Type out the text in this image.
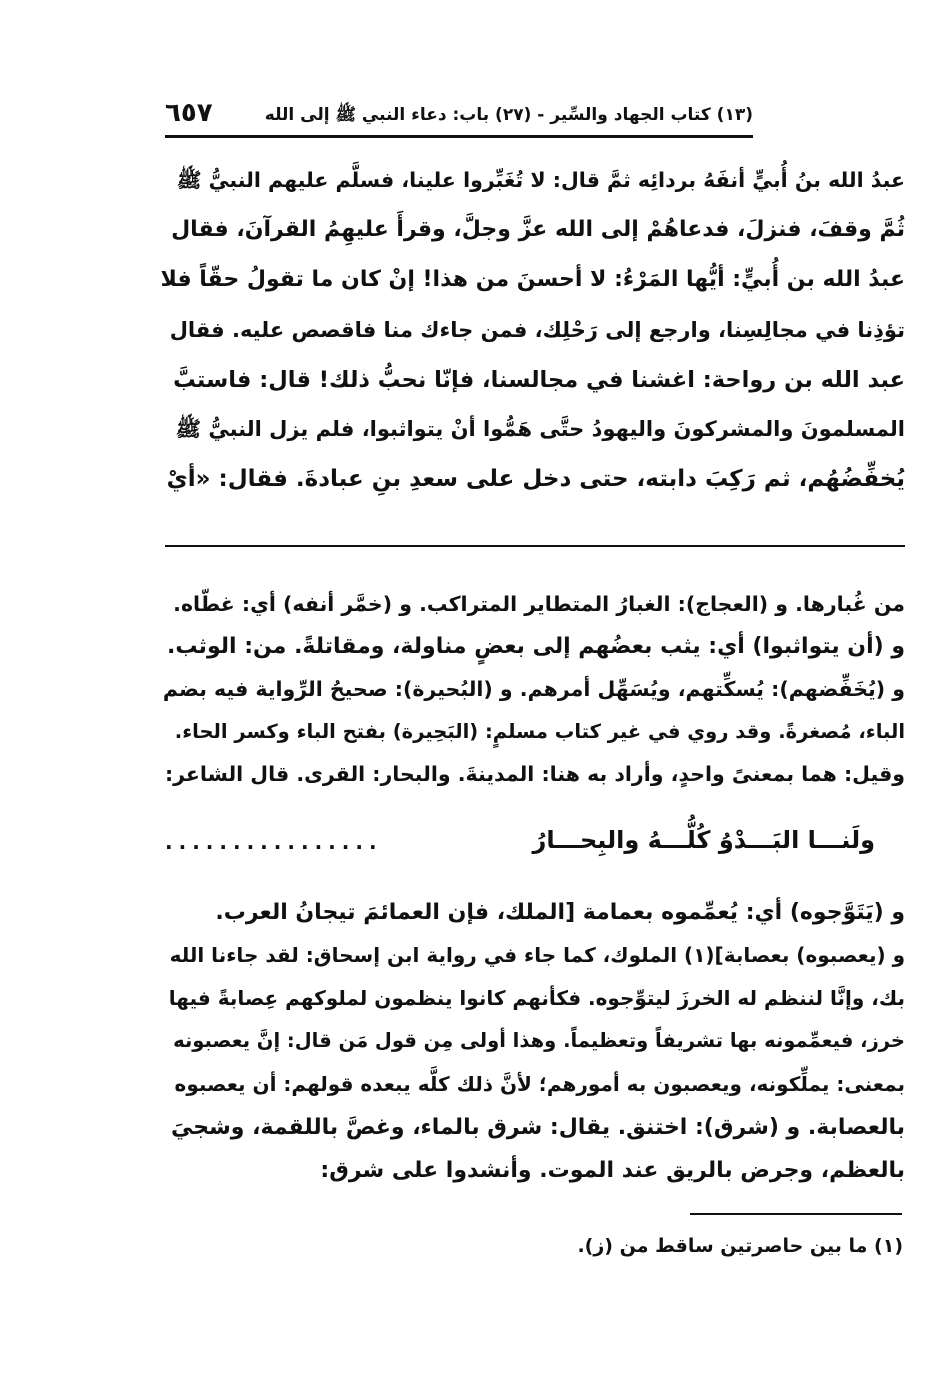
(١٣) كتاب الجهاد والسِّير - (٢٧) باب: دعاء النبي ﷺ إلى الله
٦٥٧
عبدُ الله بنُ أُبيٍّ أنفَهُ بردائِه ثمَّ قال: لا تُغَبِّروا علينا، فسلَّم عليهم النبيُّ ﷺ
ثُمَّ وقفَ، فنزلَ، فدعاهُمْ إلى الله عزَّ وجلَّ، وقرأَ عليهِمُ القرآنَ، فقال
عبدُ الله بن أُبيٍّ: أيُّها المَرْءُ: لا أحسنَ من هذا! إنْ كان ما تقولُ حقّاً فلا
تؤذِنا في مجالِسِنا، وارجع إلى رَحْلِك، فمن جاءك منا فاقصص عليه. فقال
عبد الله بن رواحة: اغشنا في مجالسنا، فإنّا نحبُّ ذلك! قال: فاستبَّ
المسلمونَ والمشركونَ واليهودُ حتَّى هَمُّوا أنْ يتواثبوا، فلم يزل النبيُّ ﷺ
يُخفِّضُهُم، ثم رَكِبَ دابته، حتى دخل على سعدِ بنِ عبادةَ. فقال: «أيْ
من غُبارها. و (العجاج): الغبارُ المتطاير المتراكب. و (خمَّر أنفه) أي: غطّاه.
و (أن يتواثبوا) أي: يثب بعضُهم إلى بعضٍ مناولة، ومقاتلةً. من: الوثب.
و (يُخَفِّضهم): يُسكِّتهم، ويُسَهِّل أمرهم. و (البُحيرة): صحيحُ الرِّواية فيه بضم
الباء، مُصغرةً. وقد روي في غير كتاب مسلمٍ: (البَحِيرة) بفتح الباء وكسر الحاء.
وقيل: هما بمعنىً واحدٍ، وأراد به هنا: المدينةَ. والبحار: القرى. قال الشاعر:
ولَنـــا البَـــدْوُ كُلُّـــهُ والبِحـــارُ
................
و (يَتَوَّجوه) أي: يُعمِّموه بعمامة [الملك، فإن العمائمَ تيجانُ العرب.
و (يعصبوه) بعصابة](١) الملوك، كما جاء في رواية ابن إسحاق: لقد جاءنا الله
بك، وإنَّا لننظم له الخرزَ ليتوِّجوه. فكأنهم كانوا ينظمون لملوكهم عِصابةً فيها
خرز، فيعمِّمونه بها تشريفاً وتعظيماً. وهذا أولى مِن قول مَن قال: إنَّ يعصبونه
بمعنى: يملِّكونه، ويعصبون به أمورهم؛ لأنَّ ذلك كلَّه يبعده قولهم: أن يعصبوه
بالعصابة. و (شرق): اختنق. يقال: شرق بالماء، وغصَّ باللقمة، وشجيَ
بالعظم، وجرض بالريق عند الموت. وأنشدوا على شرق:
(١) ما بين حاصرتين ساقط من (ز).
